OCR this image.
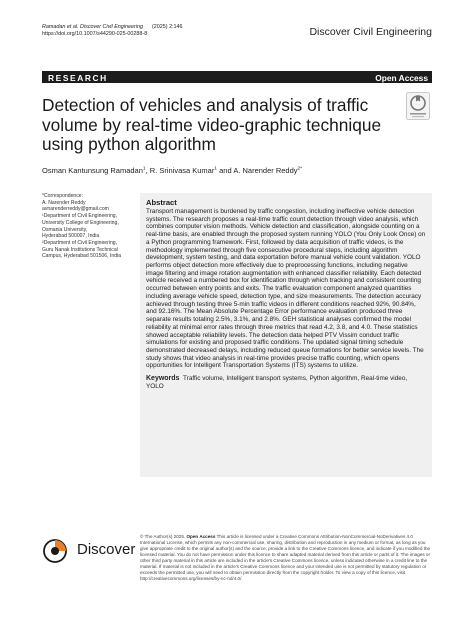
Ramadan et al. Discover Civil Engineering (2025) 2:146
https://doi.org/10.1007/s44290-025-00288-8	Discover Civil Engineering
RESEARCH	Open Access
Detection of vehicles and analysis of traffic volume by real-time video-graphic technique using python algorithm
Osman Kantunsung Ramadan$^1$, R. Srinivasa Kumar$^1$ and A. Narender Reddy$^{2*}$

*Correspondence:

A. Narender Reddy

avnarenderreddy@gmail.com

¹Department of Civil Engineering,

University College of Engineering,

Osmania University,

Hyderabad 500007, India

²Department of Civil Engineering,

Guru Nanak Institutions Technical

Campus, Hyderabad 501506, India

Abstract
Transport management is burdened by traffic congestion, including ineffective vehicle detection systems. The research proposes a real-time traffic count detection through video analysis, which combines computer vision methods. Vehicle detection and classification, alongside counting on a real-time basis, are enabled through the proposed system running YOLO (You Only Look Once) on a Python programming framework. First, followed by data acquisition of traffic videos, is the methodology implemented through five consecutive procedural steps, including algorithm development, system testing, and data exportation before manual vehicle count validation. YOLO performs object detection more effectively due to preprocessing functions, including negative image filtering and image rotation augmentation with enhanced classifier reliability. Each detected vehicle received a numbered box for identification through which tracking and consistent counting occurred between entry points and exits. The traffic evaluation component analyzed quantities including average vehicle speed, detection type, and size measurements. The detection accuracy achieved through testing three 5-min traffic videos in different conditions reached 92%, 90.84%, and 92.16%. The Mean Absolute Percentage Error performance evaluation produced three separate results totaling 2.5%, 3.1%, and 2.8%. GEH statistical analyses confirmed the model reliability at minimal error rates through three metrics that read 4.2, 3.8, and 4.0. These statistics showed acceptable reliability levels. The detection data helped PTV Vissim conduct traffic simulations for existing and proposed traffic conditions. The updated signal timing schedule demonstrated decreased delays, including reduced queue formations for better service levels. The study shows that video analysis in real-time provides precise traffic counting, which opens opportunities for Intelligent Transportation Systems (ITS) systems to utilize.
Keywords Traffic volume, Intelligent transport systems, Python algorithm, Real-time video, YOLO
Discover
© The Author(s) 2025. Open Access This article is licensed under a Creative Commons Attribution-NonCommercial-NoDerivatives 4.0 International License, which permits any non-commercial use, sharing, distribution and reproduction in any medium or format, as long as you give appropriate credit to the original author(s) and the source, provide a link to the Creative Commons licence, and indicate if you modified the licensed material. You do not have permission under this licence to share adapted material derived from this article or parts of it. The images or other third party material in this article are included in the article's Creative Commons licence, unless indicated otherwise in a credit line to the material. If material is not included in the article's Creative Commons licence and your intended use is not permitted by statutory regulation or exceeds the permitted use, you will need to obtain permission directly from the copyright holder. To view a copy of this licence, visit http://creativecommons.org/licenses/by-nc-nd/4.0/.
